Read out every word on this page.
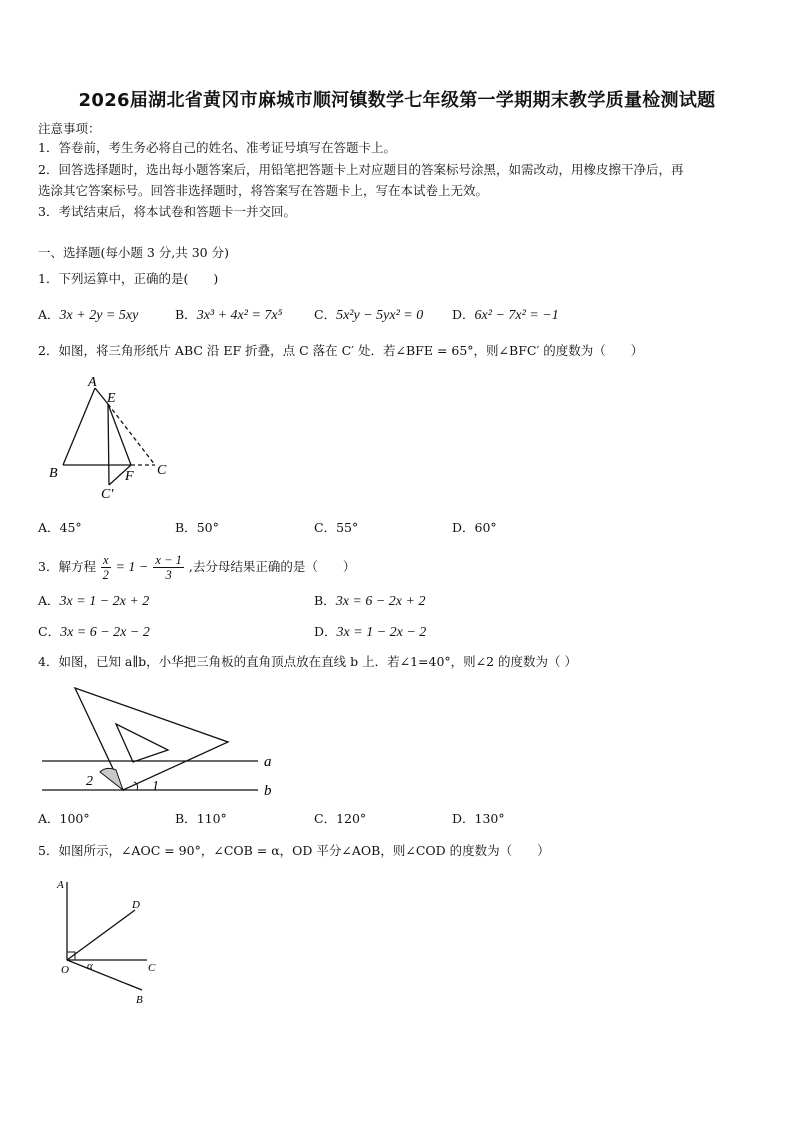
2026届湖北省黄冈市麻城市顺河镇数学七年级第一学期期末教学质量检测试题
注意事项：
1．答卷前，考生务必将自己的姓名、准考证号填写在答题卡上。
2．回答选择题时，选出每小题答案后，用铅笔把答题卡上对应题目的答案标号涂黑，如需改动，用橡皮擦干净后，再
选涂其它答案标号。回答非选择题时，将答案写在答题卡上，写在本试卷上无效。
3．考试结束后，将本试卷和答题卡一并交回。
一、选择题(每小题 3 分,共 30 分)
1．下列运算中，正确的是(　　)
A．3x + 2y = 5xy	B．3x³ + 4x² = 7x⁵	C．5x²y − 5yx² = 0 D．6x² − 7x² = −1
2．如图，将三角形纸片 ABC 沿 EF 折叠，点 C 落在 C′ 处．若∠BFE = 65°，则∠BFC′ 的度数为（　　）
A
B	C
E
F
C′
A．45°	B．50°	C．55°	D．60°
3．解方程 $\frac{x}{2} = 1 - \frac{x - 1}{3}$ ,去分母结果正确的是（　　）
A．3x = 1 − 2x + 2	B．3x = 6 − 2x + 2
C．3x = 6 − 2x − 2	D．3x = 1 − 2x − 2
4．如图，已知 a∥b，小华把三角板的直角顶点放在直线 b 上．若∠1=40°，则∠2 的度数为（ ）
a
b
2	1
A．100°	B．110°	C．120°	D．130°
5．如图所示，∠AOC = 90°，∠COB = α，OD 平分∠AOB，则∠COD 的度数为（　　）
A
D
O α	C
B
